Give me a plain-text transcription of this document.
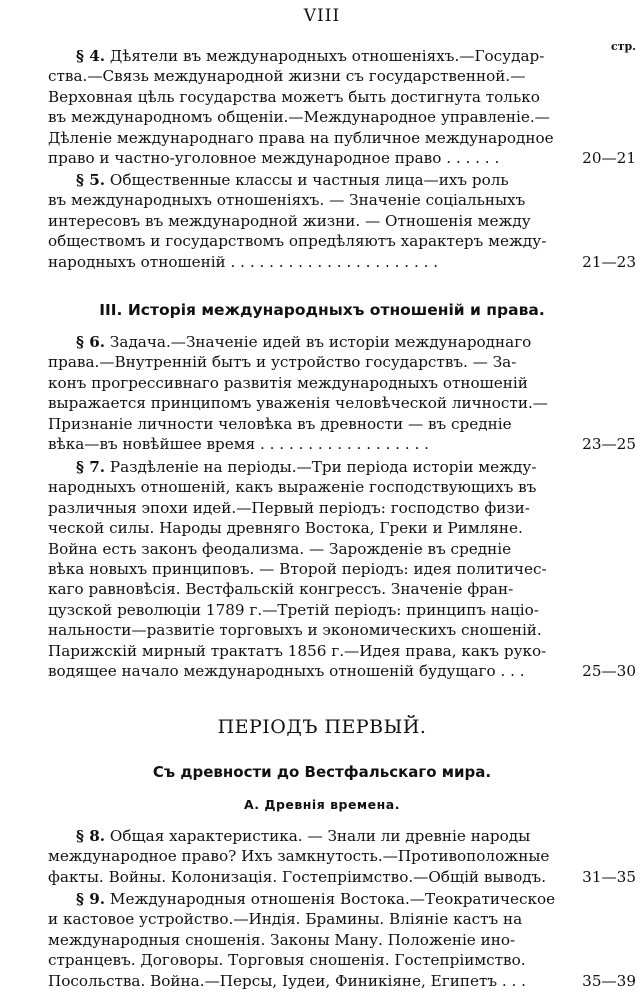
VIII
стр.
§ 4. Дѣятели въ международныхъ отношеніяхъ.—Государ-
ства.—Связь международной жизни съ государственной.—
Верховная цѣль государства можетъ быть достигнута только
въ международномъ общеніи.—Международное управленіе.—
Дѣленіе международнаго права на публичное международное
право и частно-уголовное международное право . . . . . .	20—21
§ 5. Общественные классы и частныя лица—ихъ роль
въ международныхъ отношеніяхъ. — Значеніе соціальныхъ
интересовъ въ международной жизни. — Отношенія между
обществомъ и государствомъ опредѣляютъ характеръ между-
народныхъ отношеній . . . . . . . . . . . . . . . . . . . . . .	21—23
III. Исторія международныхъ отношеній и права.
§ 6. Задача.—Значеніе идей въ исторіи международнаго
права.—Внутренній бытъ и устройство государствъ. — За-
конъ прогрессивнаго развитія международныхъ отношеній
выражается принципомъ уваженія человѣческой личности.—
Признаніе личности человѣка въ древности — въ средніе
вѣка—въ новѣйшее время . . . . . . . . . . . . . . . . . .	23—25
§ 7. Раздѣленіе на періоды.—Три періода исторіи между-
народныхъ отношеній, какъ выраженіе господствующихъ въ
различныя эпохи идей.—Первый періодъ: господство физи-
ческой силы. Народы древняго Востока, Греки и Римляне.
Война есть законъ феодализма. — Зарожденіе въ средніе
вѣка новыхъ принциповъ. — Второй періодъ: идея политичес-
кагo равновѣсія. Вестфальскій конгрессъ. Значеніе фран-
цузской революціи 1789 г.—Третій періодъ: принципъ націо-
нальности—развитіе торговыхъ и экономическихъ сношеній.
Парижскій мирный трактатъ 1856 г.—Идея права, какъ руко-
водящее начало международныхъ отношеній будущаго . . .	25—30
ПЕРІОДЪ ПЕРВЫЙ.
Съ древности до Вестфальскаго мира.
А. Древнія времена.
§ 8. Общая характеристика. — Знали ли древніе народы
международное право? Ихъ замкнутость.—Противоположные
факты. Войны. Колонизація. Гостепріимство.—Общій выводъ.	31—35
§ 9. Международныя отношенія Востока.—Теократическое
и кастовое устройство.—Индія. Брамины. Вліяніе кастъ на
международныя сношенія. Законы Ману. Положеніе ино-
странцевъ. Договоры. Торговыя сношенія. Гостепріимство.
Посольства. Война.—Персы, Іудеи, Финикіяне, Египетъ . . .	35—39
